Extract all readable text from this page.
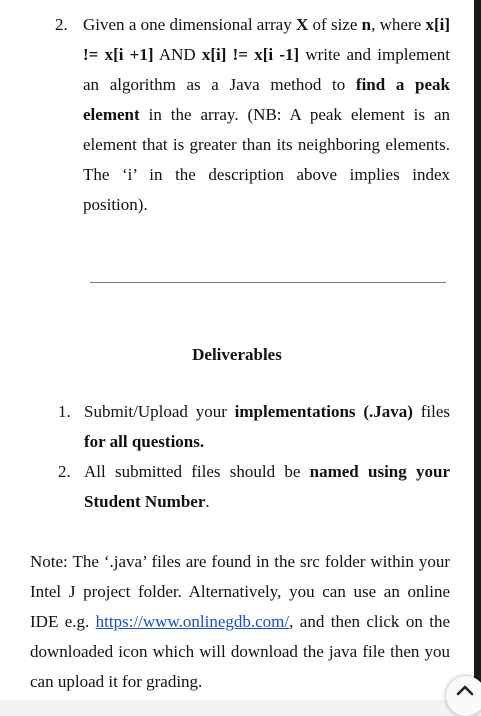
2. Given a one dimensional array X of size n, where x[i] != x[i +1] AND x[i] != x[i -1] write and implement an algorithm as a Java method to find a peak element in the array. (NB: A peak element is an element that is greater than its neighboring elements. The ‘i’ in the description above implies index position).
Deliverables
1. Submit/Upload your implementations (.Java) files for all questions.
2. All submitted files should be named using your Student Number.
Note: The ‘.java’ files are found in the src folder within your Intel J project folder. Alternatively, you can use an online IDE e.g. https://www.onlinegdb.com/, and then click on the downloaded icon which will download the java file then you can upload it for grading.
